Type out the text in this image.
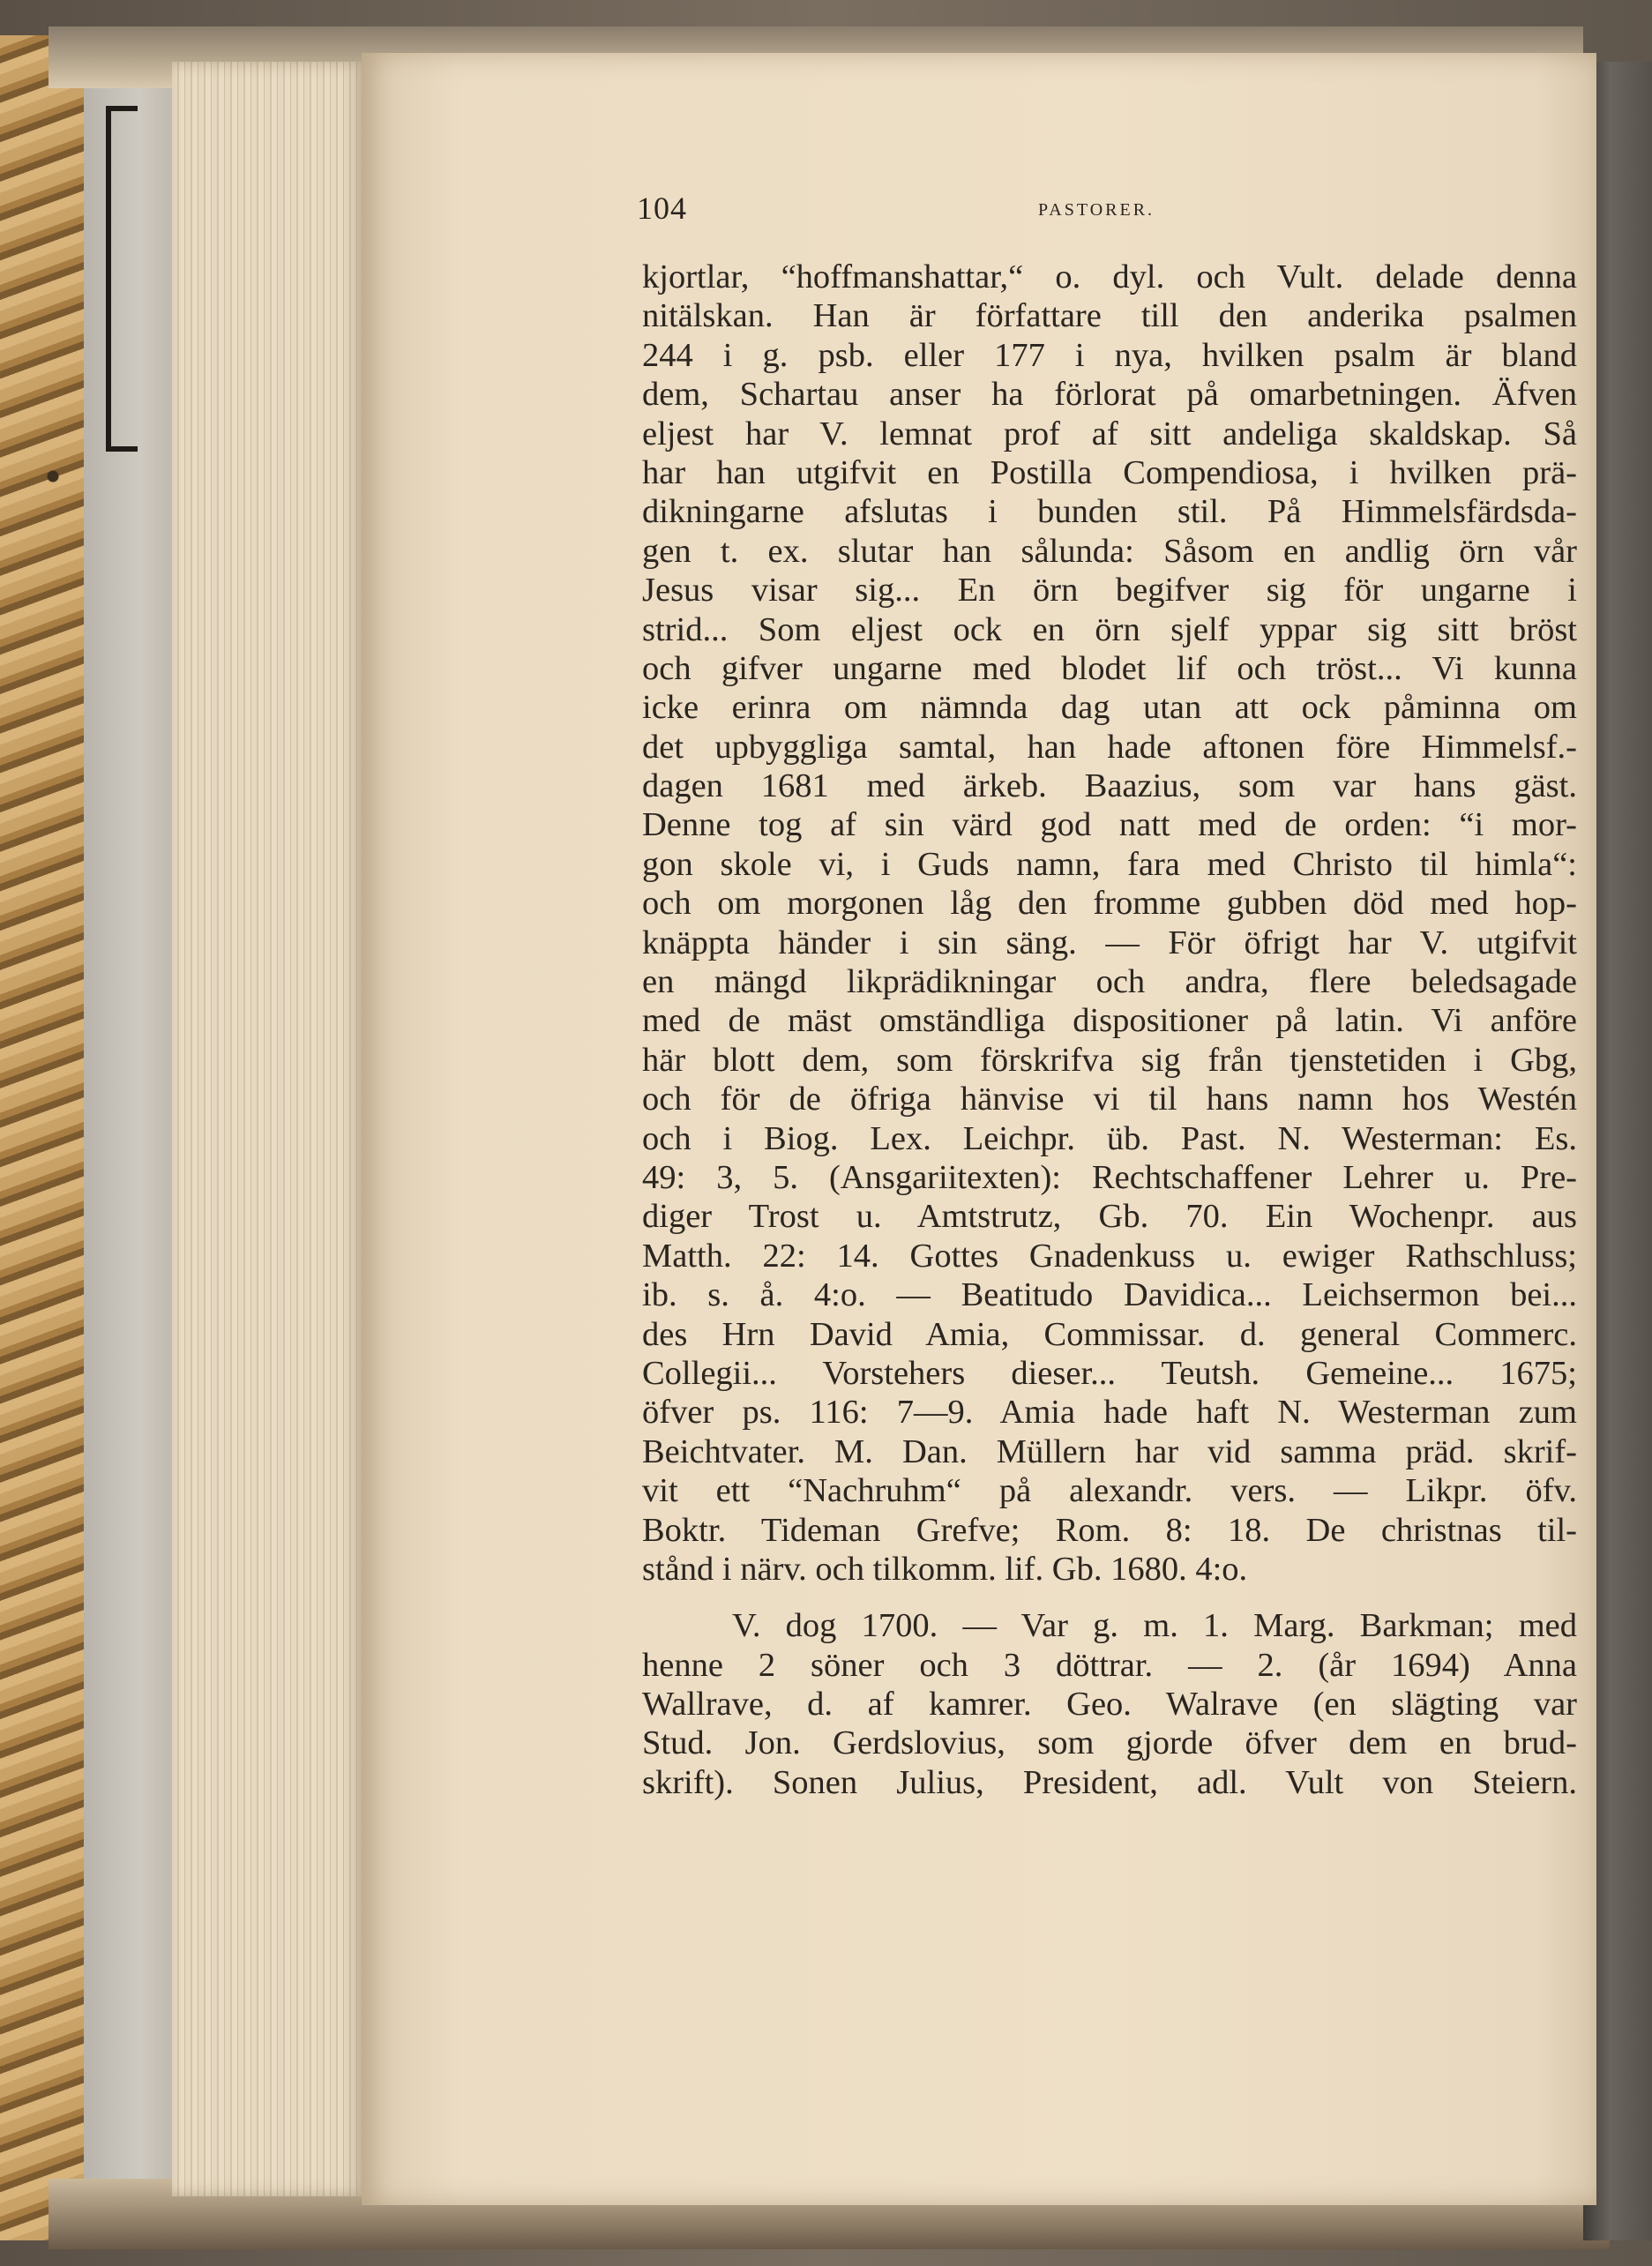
104	PASTORER.
kjortlar, “hoffmanshattar,“ o. dyl. och Vult. delade denna
nitälskan. Han är författare till den anderika psalmen
244 i g. psb. eller 177 i nya, hvilken psalm är bland
dem, Schartau anser ha förlorat på omarbetningen. Äfven
eljest har V. lemnat prof af sitt andeliga skaldskap. Så
har han utgifvit en Postilla Compendiosa, i hvilken prä-
dikningarne afslutas i bunden stil. På Himmelsfärdsda-
gen t. ex. slutar han sålunda: Såsom en andlig örn vår
Jesus visar sig... En örn begifver sig för ungarne i
strid... Som eljest ock en örn sjelf yppar sig sitt bröst
och gifver ungarne med blodet lif och tröst... Vi kunna
icke erinra om nämnda dag utan att ock påminna om
det upbyggliga samtal, han hade aftonen före Himmelsf.-
dagen 1681 med ärkeb. Baazius, som var hans gäst.
Denne tog af sin värd god natt med de orden: “i mor-
gon skole vi, i Guds namn, fara med Christo til himla“:
och om morgonen låg den fromme gubben död med hop-
knäppta händer i sin säng. — För öfrigt har V. utgifvit
en mängd likprädikningar och andra, flere beledsagade
med de mäst omständliga dispositioner på latin. Vi anföre
här blott dem, som förskrifva sig från tjenstetiden i Gbg,
och för de öfriga hänvise vi til hans namn hos Westén
och i Biog. Lex. Leichpr. üb. Past. N. Westerman: Es.
49: 3, 5. (Ansgariitexten): Rechtschaffener Lehrer u. Pre-
diger Trost u. Amtstrutz, Gb. 70. Ein Wochenpr. aus
Matth. 22: 14. Gottes Gnadenkuss u. ewiger Rathschluss;
ib. s. å. 4:o. — Beatitudo Davidica... Leichsermon bei...
des Hrn David Amia, Commissar. d. general Commerc.
Collegii... Vorstehers dieser... Teutsh. Gemeine... 1675;
öfver ps. 116: 7—9. Amia hade haft N. Westerman zum
Beichtvater. M. Dan. Müllern har vid samma präd. skrif-
vit ett “Nachruhm“ på alexandr. vers. — Likpr. öfv.
Boktr. Tideman Grefve; Rom. 8: 18. De christnas til-
stånd i närv. och tilkomm. lif. Gb. 1680. 4:o.
V. dog 1700. — Var g. m. 1. Marg. Barkman; med
henne 2 söner och 3 döttrar. — 2. (år 1694) Anna
Wallrave, d. af kamrer. Geo. Walrave (en slägting var
Stud. Jon. Gerdslovius, som gjorde öfver dem en brud-
skrift). Sonen Julius, President, adl. Vult von Steiern.
